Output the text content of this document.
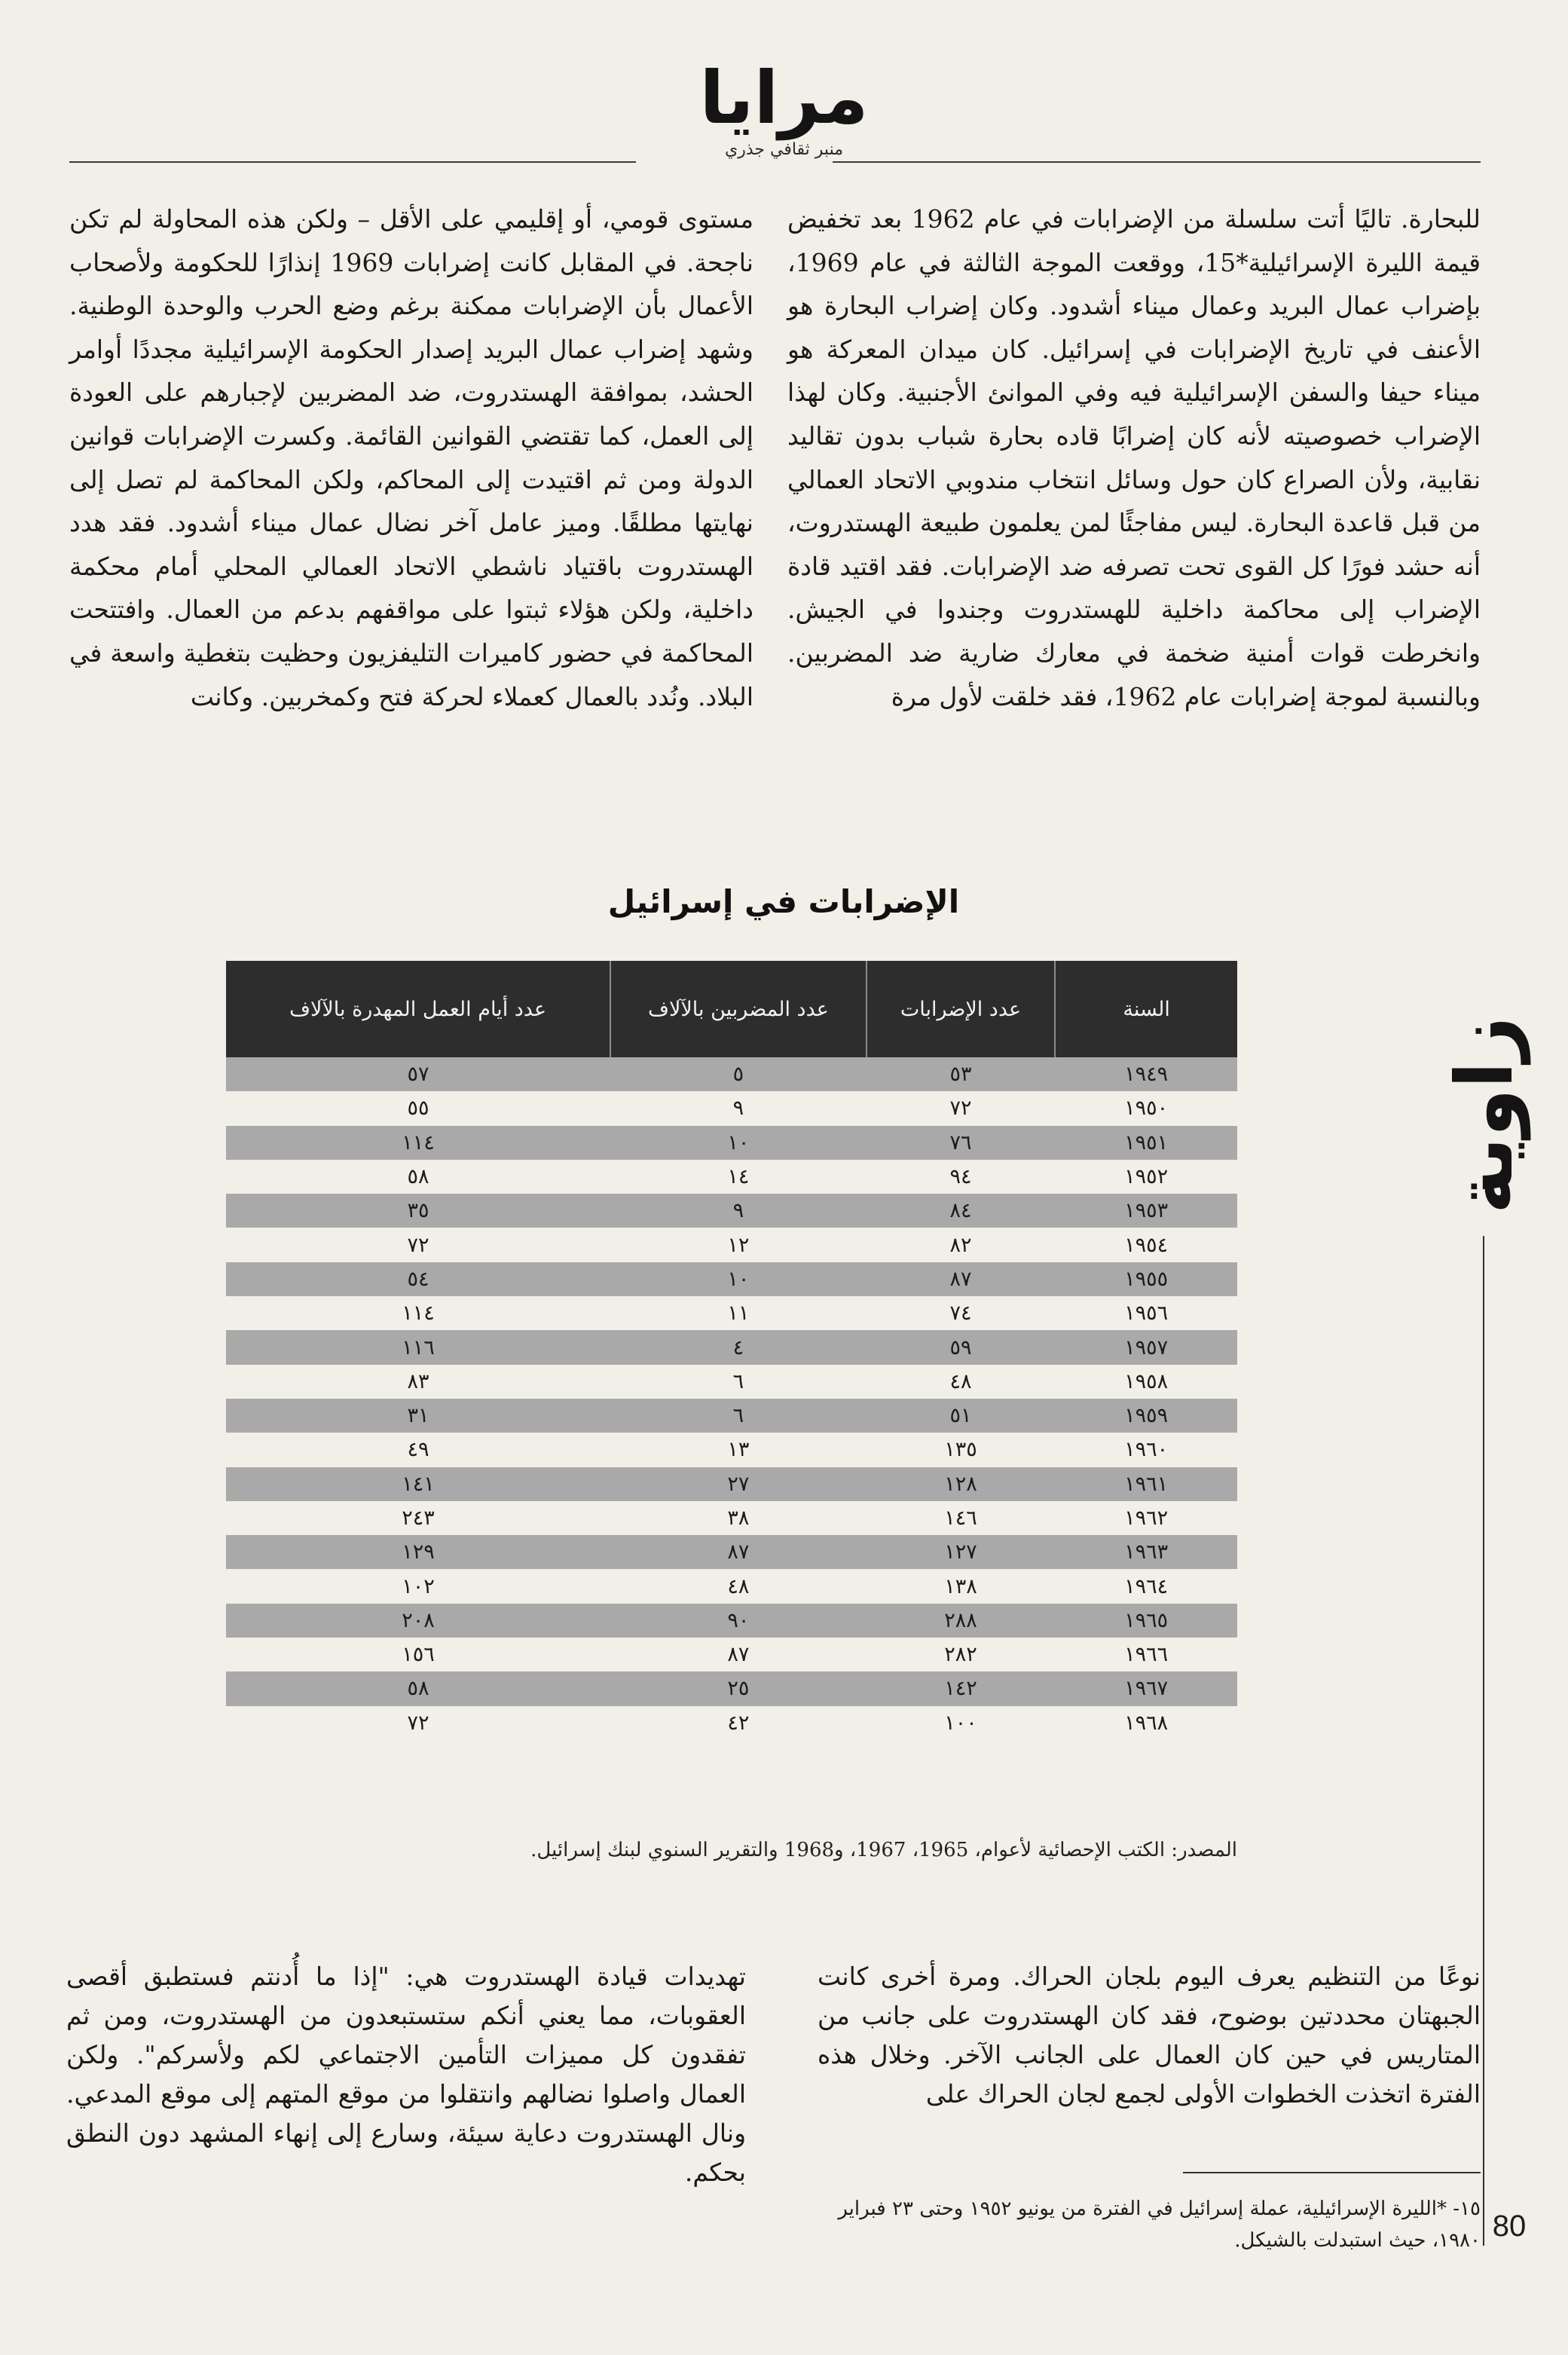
مرايا
منبر ثقافي جذري
للبحارة. تاليًا أتت سلسلة من الإضرابات في عام 1962 بعد تخفيض قيمة الليرة الإسرائيلية*15، ووقعت الموجة الثالثة في عام 1969، بإضراب عمال البريد وعمال ميناء أشدود. وكان إضراب البحارة هو الأعنف في تاريخ الإضرابات في إسرائيل. كان ميدان المعركة هو ميناء حيفا والسفن الإسرائيلية فيه وفي الموانئ الأجنبية. وكان لهذا الإضراب خصوصيته لأنه كان إضرابًا قاده بحارة شباب بدون تقاليد نقابية، ولأن الصراع كان حول وسائل انتخاب مندوبي الاتحاد العمالي من قبل قاعدة البحارة. ليس مفاجئًا لمن يعلمون طبيعة الهستدروت، أنه حشد فورًا كل القوى تحت تصرفه ضد الإضرابات. فقد اقتيد قادة الإضراب إلى محاكمة داخلية للهستدروت وجندوا في الجيش. وانخرطت قوات أمنية ضخمة في معارك ضارية ضد المضربين. وبالنسبة لموجة إضرابات عام 1962، فقد خلقت لأول مرة
مستوى قومي، أو إقليمي على الأقل – ولكن هذه المحاولة لم تكن ناجحة. في المقابل كانت إضرابات 1969 إنذارًا للحكومة ولأصحاب الأعمال بأن الإضرابات ممكنة برغم وضع الحرب والوحدة الوطنية. وشهد إضراب عمال البريد إصدار الحكومة الإسرائيلية مجددًا أوامر الحشد، بموافقة الهستدروت، ضد المضربين لإجبارهم على العودة إلى العمل، كما تقتضي القوانين القائمة. وكسرت الإضرابات قوانين الدولة ومن ثم اقتيدت إلى المحاكم، ولكن المحاكمة لم تصل إلى نهايتها مطلقًا. وميز عامل آخر نضال عمال ميناء أشدود. فقد هدد الهستدروت باقتياد ناشطي الاتحاد العمالي المحلي أمام محكمة داخلية، ولكن هؤلاء ثبتوا على مواقفهم بدعم من العمال. وافتتحت المحاكمة في حضور كاميرات التليفزيون وحظيت بتغطية واسعة في البلاد. ونُدد بالعمال كعملاء لحركة فتح وكمخربين. وكانت
الإضرابات في إسرائيل
السنة	عدد الإضرابات	عدد المضربين بالآلاف	عدد أيام العمل المهدرة بالآلاف
١٩٤٩	٥٣	٥	٥٧
١٩٥٠	٧٢	٩	٥٥
١٩٥١	٧٦	١٠	١١٤
١٩٥٢	٩٤	١٤	٥٨
١٩٥٣	٨٤	٩	٣٥
١٩٥٤	٨٢	١٢	٧٢
١٩٥٥	٨٧	١٠	٥٤
١٩٥٦	٧٤	١١	١١٤
١٩٥٧	٥٩	٤	١١٦
١٩٥٨	٤٨	٦	٨٣
١٩٥٩	٥١	٦	٣١
١٩٦٠	١٣٥	١٣	٤٩
١٩٦١	١٢٨	٢٧	١٤١
١٩٦٢	١٤٦	٣٨	٢٤٣
١٩٦٣	١٢٧	٨٧	١٢٩
١٩٦٤	١٣٨	٤٨	١٠٢
١٩٦٥	٢٨٨	٩٠	٢٠٨
١٩٦٦	٢٨٢	٨٧	١٥٦
١٩٦٧	١٤٢	٢٥	٥٨
١٩٦٨	١٠٠	٤٢	٧٢
المصدر: الكتب الإحصائية لأعوام، 1965، 1967، و1968 والتقرير السنوي لبنك إسرائيل.
نوعًا من التنظيم يعرف اليوم بلجان الحراك. ومرة أخرى كانت الجبهتان محددتين بوضوح، فقد كان الهستدروت على جانب من المتاريس في حين كان العمال على الجانب الآخر. وخلال هذه الفترة اتخذت الخطوات الأولى لجمع لجان الحراك على
تهديدات قيادة الهستدروت هي: "إذا ما أُدنتم فستطبق أقصى العقوبات، مما يعني أنكم ستستبعدون من الهستدروت، ومن ثم تفقدون كل مميزات التأمين الاجتماعي لكم ولأسركم". ولكن العمال واصلوا نضالهم وانتقلوا من موقع المتهم إلى موقع المدعي. ونال الهستدروت دعاية سيئة، وسارع إلى إنهاء المشهد دون النطق بحكم.
زاوية
١٥- *الليرة الإسرائيلية، عملة إسرائيل في الفترة من يونيو ١٩٥٢ وحتى ٢٣ فبراير ١٩٨٠، حيث استبدلت بالشيكل. 80
